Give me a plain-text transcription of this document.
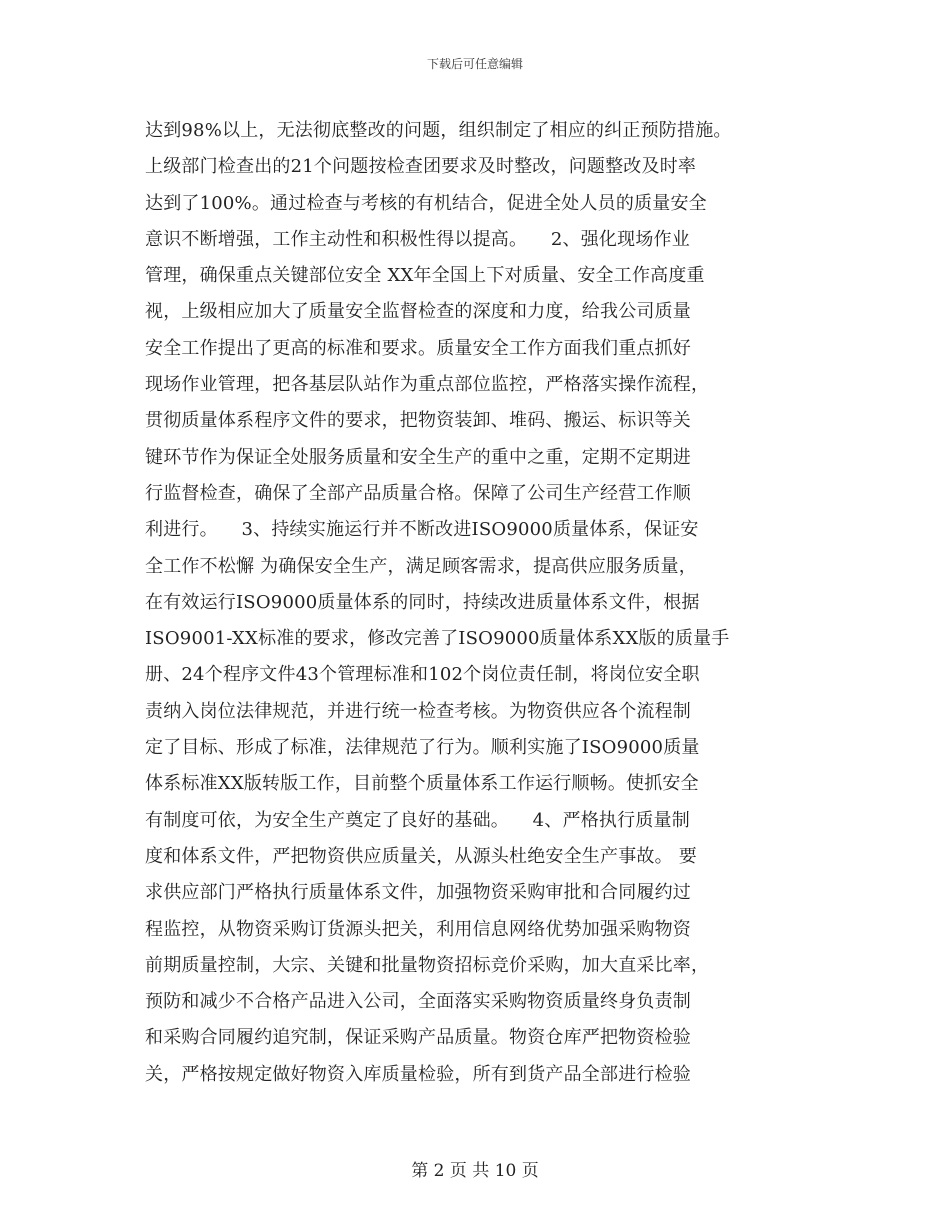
下载后可任意编辑
达到98%以上，无法彻底整改的问题，组织制定了相应的纠正预防措施。
上级部门检查出的21个问题按检查团要求及时整改，问题整改及时率
达到了100%。通过检查与考核的有机结合，促进全处人员的质量安全
意识不断增强，工作主动性和积极性得以提高。    2、强化现场作业
管理，确保重点关键部位安全 XX年全国上下对质量、安全工作高度重
视，上级相应加大了质量安全监督检查的深度和力度，给我公司质量
安全工作提出了更高的标准和要求。质量安全工作方面我们重点抓好
现场作业管理，把各基层队站作为重点部位监控，严格落实操作流程，
贯彻质量体系程序文件的要求，把物资装卸、堆码、搬运、标识等关
键环节作为保证全处服务质量和安全生产的重中之重，定期不定期进
行监督检查，确保了全部产品质量合格。保障了公司生产经营工作顺
利进行。    3、持续实施运行并不断改进ISO9000质量体系，保证安
全工作不松懈 为确保安全生产，满足顾客需求，提高供应服务质量，
在有效运行ISO9000质量体系的同时，持续改进质量体系文件，根据
ISO9001-XX标准的要求，修改完善了ISO9000质量体系XX版的质量手
册、24个程序文件43个管理标准和102个岗位责任制，将岗位安全职
责纳入岗位法律规范，并进行统一检查考核。为物资供应各个流程制
定了目标、形成了标准，法律规范了行为。顺利实施了ISO9000质量
体系标准XX版转版工作，目前整个质量体系工作运行顺畅。使抓安全
有制度可依，为安全生产奠定了良好的基础。    4、严格执行质量制
度和体系文件，严把物资供应质量关，从源头杜绝安全生产事故。 要
求供应部门严格执行质量体系文件，加强物资采购审批和合同履约过
程监控，从物资采购订货源头把关，利用信息网络优势加强采购物资
前期质量控制，大宗、关键和批量物资招标竞价采购，加大直采比率，
预防和减少不合格产品进入公司，全面落实采购物资质量终身负责制
和采购合同履约追究制，保证采购产品质量。物资仓库严把物资检验
关，严格按规定做好物资入库质量检验，所有到货产品全部进行检验
第 2 页 共 10 页
